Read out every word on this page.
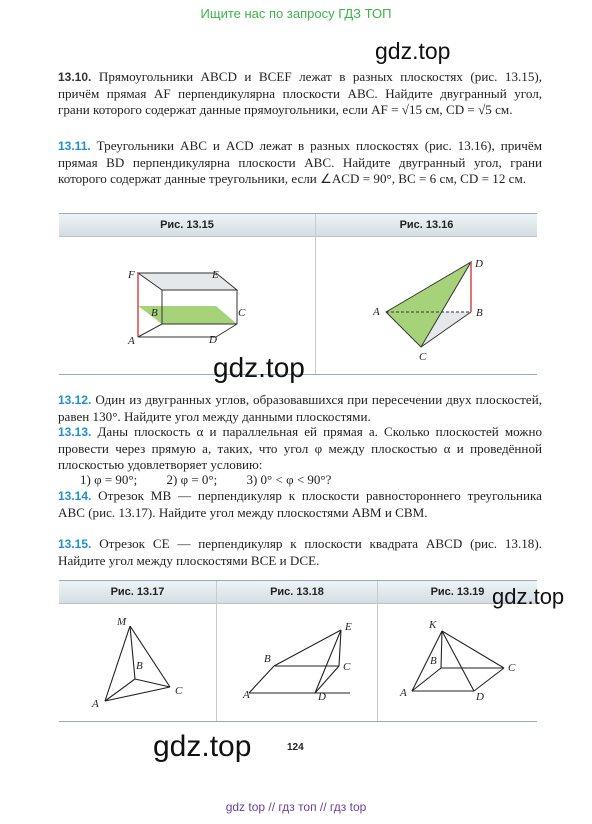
Ищите нас по запросу ГДЗ ТОП
gdz.top
13.10. Прямоугольники ABCD и BCEF лежат в разных плоскостях (рис. 13.15), причём прямая AF перпендикулярна плоскости ABC. Найдите двугранный угол, грани которого содержат данные прямоугольники, если AF = √15 см, CD = √5 см.
13.11. Треугольники ABC и ACD лежат в разных плоскостях (рис. 13.16), причём прямая BD перпендикулярна плоскости ABC. Найдите двугранный угол, грани которого содержат данные треугольники, если ∠ACD = 90°, BC = 6 см, CD = 12 см.
Рис. 13.15	Рис. 13.16
F	E
B	C
A	D
D
A	B
C
gdz.top
13.12. Один из двугранных углов, образовавшихся при пересечении двух плоскостей, равен 130°. Найдите угол между данными плоскостями.
13.13. Даны плоскость α и параллельная ей прямая a. Сколько плоскостей можно провести через прямую a, таких, что угол φ между плоскостью α и проведённой плоскостью удовлетворяет условию:
1) φ = 90°; 2) φ = 0°; 3) 0° < φ < 90°?
13.14. Отрезок MB — перпендикуляр к плоскости равностороннего треугольника ABC (рис. 13.17). Найдите угол между плоскостями ABM и CBM.
13.15. Отрезок CE — перпендикуляр к плоскости квадрата ABCD (рис. 13.18). Найдите угол между плоскостями BCE и DCE.
Рис. 13.17	Рис. 13.18	Рис. 13.19
M
B
C
A
E
B
C
A	D
K
B
C
A	D
gdz.top
gdz.top	124
gdz top // гдз топ // гдз top
